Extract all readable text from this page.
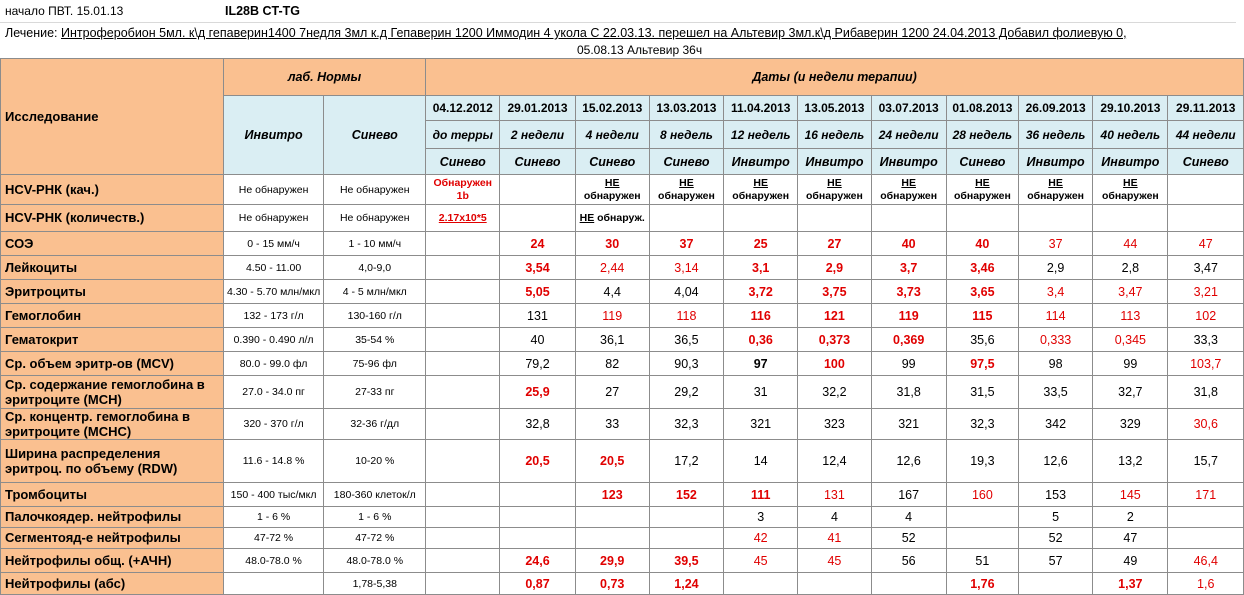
начало ПВТ. 15.01.13	IL28B CT-TG
Лечение: Интроферобион 5мл. к\д гепаверин1400 7недля 3мл к.д Гепаверин 1200 Иммодин 4 укола С 22.03.13. перешел на Альтевир 3мл.к\д Рибаверин 1200 24.04.2013 Добавил фолиевую 0,
05.08.13 Альтевир 36ч
Исследование	лаб. Нормы		Даты (и недели терапии)										
	Инвитро	Синево	04.12.2012	29.01.2013	15.02.2013	13.03.2013	11.04.2013	13.05.2013	03.07.2013	01.08.2013	26.09.2013	29.10.2013	29.11.2013
			до терры	2 недели	4 недели	8 недель	12 недель	16 недель	24 недели	28 недель	36 недель	40 недель	44 недели
			Синево	Синево	Синево	Синево	Инвитро	Инвитро	Инвитро	Синево	Инвитро	Инвитро	Синево
HCV-РНК (кач.)	Не обнаружен	Не обнаружен	Обнаружен 1b		НЕ обнаружен	НЕ обнаружен	НЕ обнаружен	НЕ обнаружен	НЕ обнаружен	НЕ обнаружен	НЕ обнаружен	НЕ обнаружен	
HCV-РНК (количеств.)	Не обнаружен	Не обнаружен	2.17x10*5		НЕ обнаруж.								
СОЭ	0 - 15 мм/ч	1 - 10 мм/ч		24	30	37	25	27	40	40	37	44	47
Лейкоциты	4.50 - 11.00	4,0-9,0		3,54	2,44	3,14	3,1	2,9	3,7	3,46	2,9	2,8	3,47
Эритроциты	4.30 - 5.70 млн/мкл	4 - 5 млн/мкл		5,05	4,4	4,04	3,72	3,75	3,73	3,65	3,4	3,47	3,21
Гемоглобин	132 - 173 г/л	130-160 г/л		131	119	118	116	121	119	115	114	113	102
Гематокрит	0.390 - 0.490 л/л	35-54 %		40	36,1	36,5	0,36	0,373	0,369	35,6	0,333	0,345	33,3
Ср. объем эритр-ов (MCV)	80.0 - 99.0 фл	75-96 фл		79,2	82	90,3	97	100	99	97,5	98	99	103,7
Ср. содержание гемоглобина в эритроците (MCH)	27.0 - 34.0 пг	27-33 пг		25,9	27	29,2	31	32,2	31,8	31,5	33,5	32,7	31,8
Ср. концентр. гемоглобина в эритроците (MCHC)	320 - 370 г/л	32-36 г/дл		32,8	33	32,3	321	323	321	32,3	342	329	30,6
Ширина распределения эритроц. по объему (RDW)	11.6 - 14.8 %	10-20 %		20,5	20,5	17,2	14	12,4	12,6	19,3	12,6	13,2	15,7
Тромбоциты	150 - 400 тыс/мкл	180-360 клеток/л			123	152	111	131	167	160	153	145	171
Палочкоядер. нейтрофилы	1 - 6 %	1 - 6 %					3	4	4		5	2	
Сегментояд-е нейтрофилы	47-72 %	47-72 %					42	41	52		52	47	
Нейтрофилы общ. (+АЧН)	48.0-78.0 %	48.0-78.0 %		24,6	29,9	39,5	45	45	56	51	57	49	46,4
Нейтрофилы (абс)		1,78-5,38		0,87	0,73	1,24				1,76		1,37	1,6
